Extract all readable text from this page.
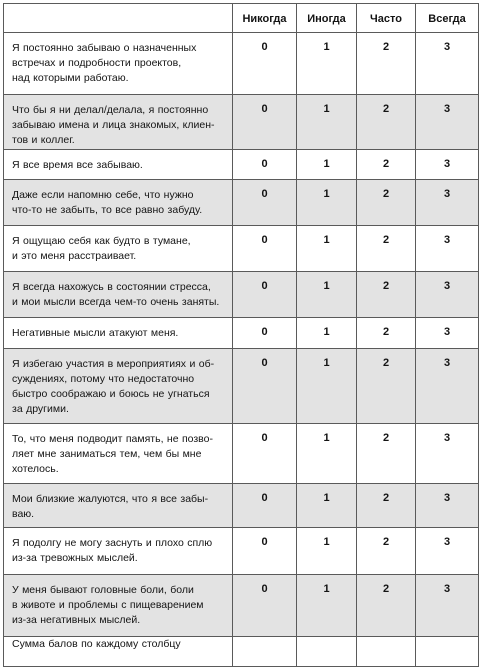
	Никогда	Иногда	Часто	Всегда
Я постоянно забываю о назначенных
встречах и подробности проектов,
над которыми работаю.	0	1	2	3
Что бы я ни делал/делала, я постоянно
забываю имена и лица знакомых, клиен-
тов и коллег.	0	1	2	3
Я все время все забываю.	0	1	2	3
Даже если напомню себе, что нужно
что-то не забыть, то все равно забуду.	0	1	2	3
Я ощущаю себя как будто в тумане,
и это меня расстраивает.	0	1	2	3
Я всегда нахожусь в состоянии стресса,
и мои мысли всегда чем-то очень заняты.	0	1	2	3
Негативные мысли атакуют меня.	0	1	2	3
Я избегаю участия в мероприятиях и об-
суждениях, потому что недостаточно
быстро соображаю и боюсь не угнаться
за другими.	0	1	2	3
То, что меня подводит память, не позво-
ляет мне заниматься тем, чем бы мне
хотелось.	0	1	2	3
Мои близкие жалуются, что я все забы-
ваю.	0	1	2	3
Я подолгу не могу заснуть и плохо сплю
из-за тревожных мыслей.	0	1	2	3
У меня бывают головные боли, боли
в животе и проблемы с пищеварением
из-за негативных мыслей.	0	1	2	3
Сумма балов по каждому столбцу				
